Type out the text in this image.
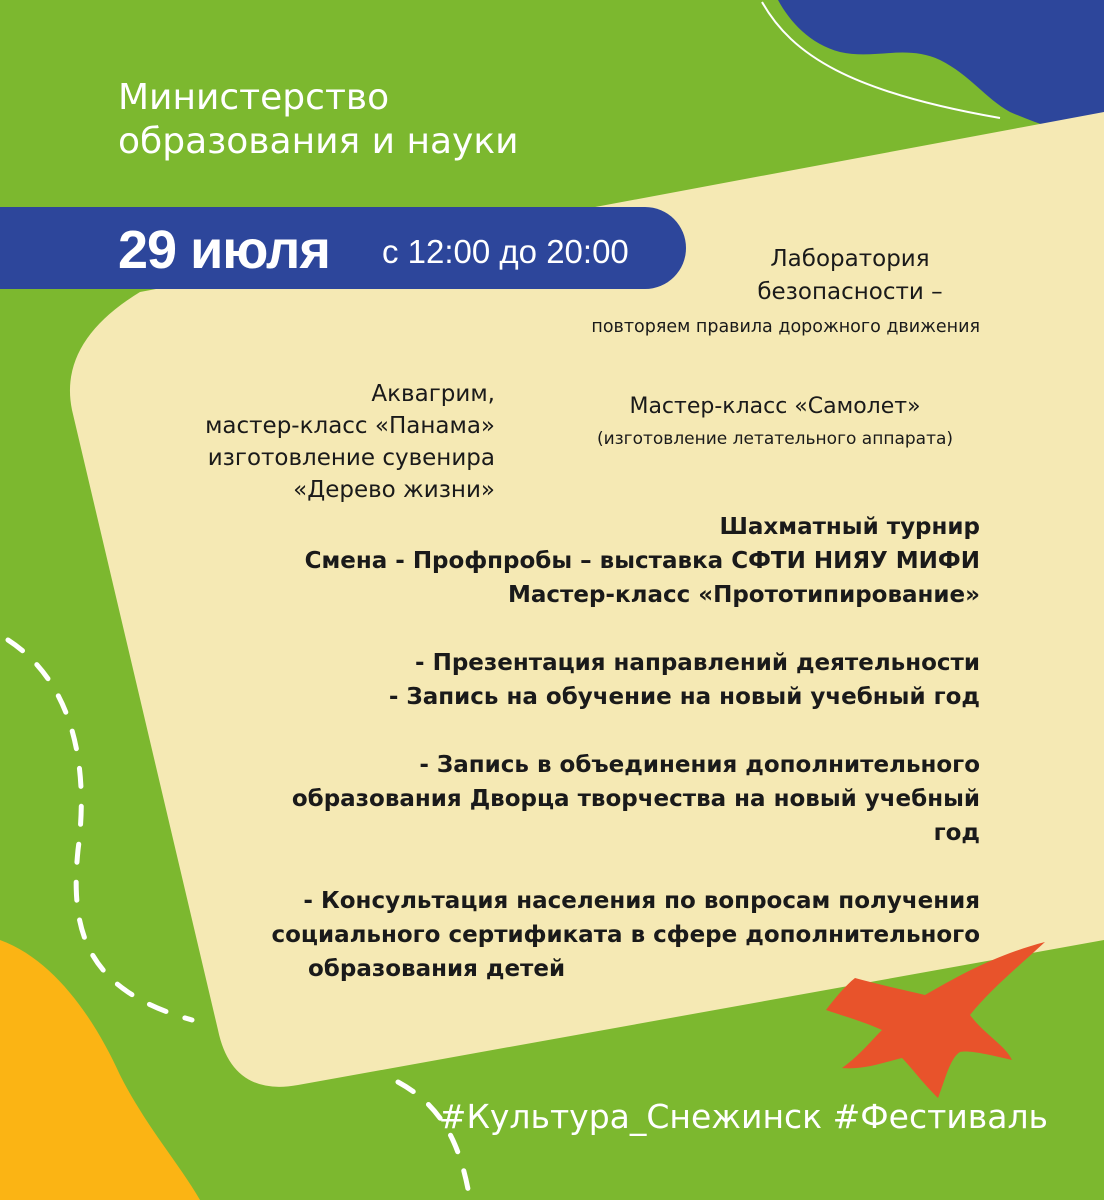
Министерство
образования и науки
29 июля с 12:00 до 20:00	Лаборатория
безопасности –
повторяем правила дорожного движения
Аквагрим,
мастер-класс «Панама»
изготовление сувенира
«Дерево жизни»
Мастер-класс «Самолет»
(изготовление летательного аппарата)

Шахматный турнир

Смена - Профпробы – выставка СФТИ НИЯУ МИФИ

Мастер-класс «Прототипирование»

- Презентация направлений деятельности

- Запись на обучение на новый учебный год

- Запись в объединения дополнительного

образования Дворца творчества на новый учебный год

- Консультация населения по вопросам получения

социального сертификата в сфере дополнительного

образования детей

#Культура_Снежинск #Фестиваль
